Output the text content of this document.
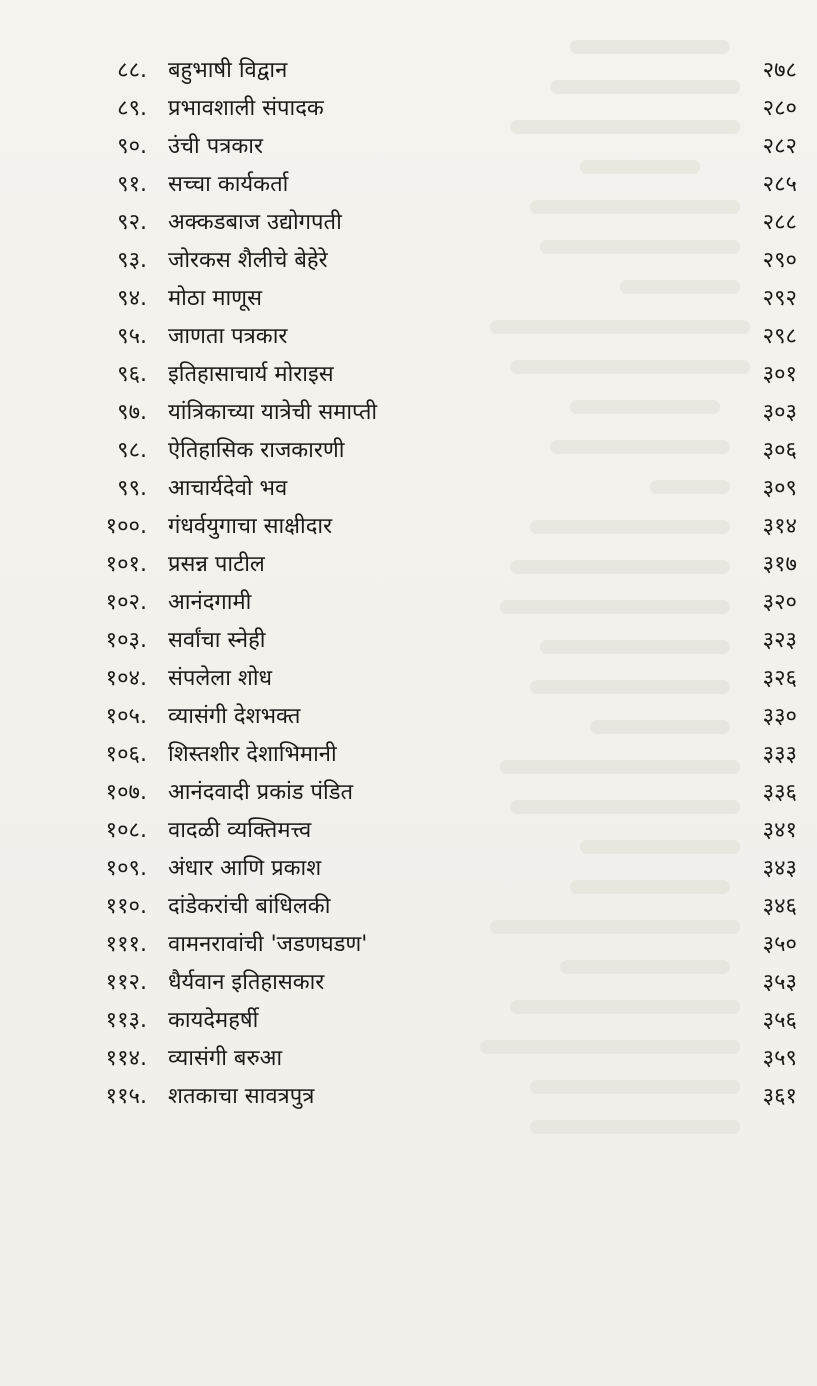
८८. बहुभाषी विद्वान	२७८
८९. प्रभावशाली संपादक	२८०
९०. उंची पत्रकार	२८२
९१. सच्चा कार्यकर्ता	२८५
९२. अक्कडबाज उद्योगपती	२८८
९३. जोरकस शैलीचे बेहेरे	२९०
९४. मोठा माणूस	२९२
९५. जाणता पत्रकार	२९८
९६. इतिहासाचार्य मोराइस	३०१
९७. यांत्रिकाच्या यात्रेची समाप्ती	३०३
९८. ऐतिहासिक राजकारणी	३०६
९९. आचार्यदेवो भव	३०९
१००. गंधर्वयुगाचा साक्षीदार	३१४
१०१. प्रसन्न पाटील	३१७
१०२. आनंदगामी	३२०
१०३. सर्वांचा स्नेही	३२३
१०४. संपलेला शोध	३२६
१०५. व्यासंगी देशभक्त	३३०
१०६. शिस्तशीर देशाभिमानी	३३३
१०७. आनंदवादी प्रकांड पंडित	३३६
१०८. वादळी व्यक्तिमत्त्व	३४१
१०९. अंधार आणि प्रकाश	३४३
११०. दांडेकरांची बांधिलकी	३४६
१११. वामनरावांची 'जडणघडण'	३५०
११२. धैर्यवान इतिहासकार	३५३
११३. कायदेमहर्षी	३५६
११४. व्यासंगी बरुआ	३५९
११५. शतकाचा सावत्रपुत्र	३६१
